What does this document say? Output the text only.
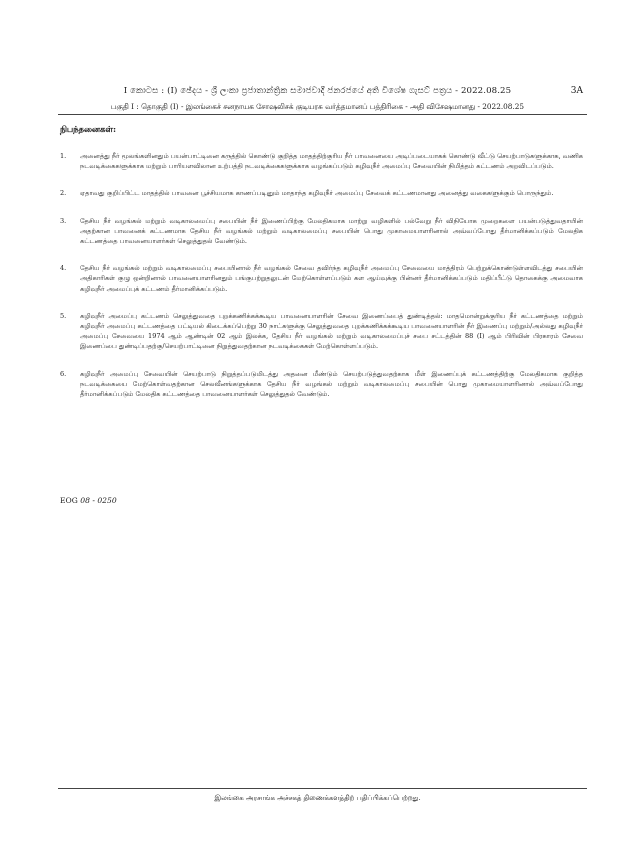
I කොටස : (I) ඡේදය - ශ්‍රී ලංකා ප්‍රජාතාන්ත්‍රික සමාජවාදී ජනරජයේ අති විශේෂ ගැසට් පත්‍රය - 2022.08.25	3A
பகுதி I : தொகுதி (I) - இலங்கைச் சனநாயக சோஷலிசக் குடியரசு வர்த்தமானப் பத்திரிகை - அதி விசேஷமானது - 2022.08.25
நிபந்தனைகள்:
1.	அனைத்து நீர் மூலங்களினதும் பயன்பாட்டினை கருத்தில் கொண்டு குறித்த மாதத்திற்குரிய நீர் பாவனையை அடிப்படையாகக் கொண்டு வீட்டு செயற்பாடுகளுக்காக, வணிக நடவடிக்கைகளுக்காக மற்றும் பாரியளவிலான உற்பத்தி நடவடிக்கைகளுக்காக வழங்கப்படும் கழிவுநீர் அமைப்பு சேவையின் நிமித்தம் கட்டணம் அறவிடப்படும்.
2.	ஏதாவது குறிப்பிட்ட மாதத்தில் பாவனை பூச்சியமாக காணப்படினும் மாதாந்த கழிவுநீர் அமைப்பு சேவைக் கட்டணமானது அனைத்து வகைகளுக்கும் பொருந்தும்.
3.	தேசிய நீர் வழங்கல் மற்றும் வடிகாலமைப்பு சபையின் நீர் இணைப்பிற்கு மேலதிகமாக மாற்று வழிகளில் பல்வேறு நீர் விநியோக முறைகளை பயன்படுத்துவதாயின் அதற்கான பாவனைக் கட்டணமாக தேசிய நீர் வழங்கல் மற்றும் வடிகாலமைப்பு சபையின் பொது முகாமையாளரினால் அவ்வப்போது தீர்மானிக்கப்படும் மேலதிக கட்டணத்தை பாவனையாளர்கள் செலுத்துதல் வேண்டும்.
4.	தேசிய நீர் வழங்கல் மற்றும் வடிகாலமைப்பு சபையினால் நீர் வழங்கல் சேவை தவிர்ந்த கழிவுநீர் அமைப்பு சேவையை மாத்திரம் பெற்றுக்கொண்டுள்ளவிடத்து சபையின் அதிகாரிகள் குழு ஒன்றினால் பாவனையாளரினதும் பங்குபற்றுதலுடன் மேற்கொள்ளப்படும் கள ஆய்வுக்கு பின்னர் தீர்மானிக்கப்படும் மதிப்பீட்டு தொகைக்கு அமைவாக கழிவுநீர் அமைப்புக் கட்டணம் தீர்மானிக்கப்படும்.
5.	கழிவுநீர் அமைப்பு கட்டணம் செலுத்துவதை புறக்கணிக்கக்கூடிய பாவனையாளரின் சேவை இணைப்பைத் துண்டித்தல்: மாதமொன்றுக்குரிய நீர் கட்டணத்தை மற்றும் கழிவுநீர் அமைப்பு கட்டணத்தை பட்டியல் கிடைக்கப்பெற்று 30 நாட்களுக்கு செலுத்துவதை புறக்கணிக்கக்கூடிய பாவனையாளரின் நீர் இணைப்பு மற்றும்/அல்லது கழிவுநீர் அமைப்பு சேவையை 1974 ஆம் ஆண்டின் 02 ஆம் இலக்க, தேசிய நீர் வழங்கல் மற்றும் வடிகாலமைப்புச் சபை சட்டத்தின் 88 (I) ஆம் பிரிவின் பிரகாரம் சேவை இணைப்பை துண்டிப்பதற்கு/செயற்பாட்டினை நிறுத்துவதற்கான நடவடிக்கைகள் மேற்கொள்ளப்படும்.
6.	கழிவுநீர் அமைப்பு சேவையின் செயற்பாடு நிறுத்தப்படுமிடத்து அதனை மீண்டும் செயற்படுத்துவதற்காக மீள் இணைப்புக் கட்டணத்திற்கு மேலதிகமாக குறித்த நடவடிக்கையை மேற்கொள்வதற்கான செலவீனங்களுக்காக தேசிய நீர் வழங்கல் மற்றும் வடிகாலமைப்பு சபையின் பொது முகாமையாளரினால் அவ்வப்போது தீர்மானிக்கப்படும் மேலதிக கட்டணத்தை பாவனையாளர்கள் செலுத்துதல் வேண்டும்.
EOG 08 - 0250
இலங்கை அரசாங்க அச்சகத் திணைக்களத்திற் பதிப்பிக்கப்பெற்றது.
